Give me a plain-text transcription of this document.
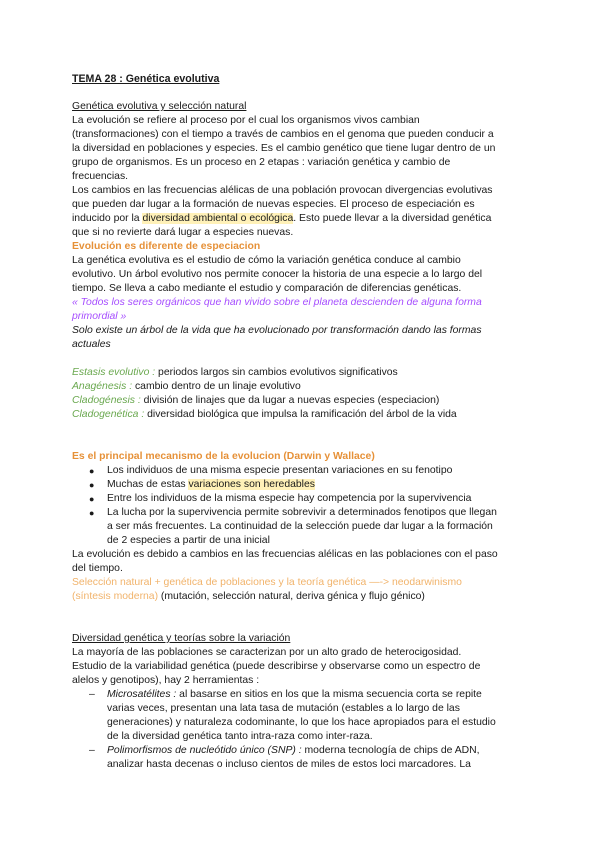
TEMA 28 : Genética evolutiva
Genética evolutiva y selección natural
La evolución se refiere al proceso por el cual los organismos vivos cambian
(transformaciones) con el tiempo a través de cambios en el genoma que pueden conducir a
la diversidad en poblaciones y especies. Es el cambio genético que tiene lugar dentro de un
grupo de organismos. Es un proceso en 2 etapas : variación genética y cambio de
frecuencias.
Los cambios en las frecuencias alélicas de una población provocan divergencias evolutivas
que pueden dar lugar a la formación de nuevas especies. El proceso de especiación es
inducido por la diversidad ambiental o ecológica. Esto puede llevar a la diversidad genética
que si no revierte dará lugar a especies nuevas.
Evolución es diferente de especiacion
La genética evolutiva es el estudio de cómo la variación genética conduce al cambio
evolutivo. Un árbol evolutivo nos permite conocer la historia de una especie a lo largo del
tiempo. Se lleva a cabo mediante el estudio y comparación de diferencias genéticas.
« Todos los seres orgánicos que han vivido sobre el planeta descienden de alguna forma
primordial »
Solo existe un árbol de la vida que ha evolucionado por transformación dando las formas
actuales
Estasis evolutivo : periodos largos sin cambios evolutivos significativos
Anagénesis : cambio dentro de un linaje evolutivo
Cladogénesis : división de linajes que da lugar a nuevas especies (especiacion)
Cladogenética : diversidad biológica que impulsa la ramificación del árbol de la vida
Es el principal mecanismo de la evolucion (Darwin y Wallace)
● Los individuos de una misma especie presentan variaciones en su fenotipo
● Muchas de estas variaciones son heredables
● Entre los individuos de la misma especie hay competencia por la supervivencia
● La lucha por la supervivencia permite sobrevivir a determinados fenotipos que llegan
a ser más frecuentes. La continuidad de la selección puede dar lugar a la formación
de 2 especies a partir de una inicial
La evolución es debido a cambios en las frecuencias alélicas en las poblaciones con el paso
del tiempo.
Selección natural + genética de poblaciones y la teoría genética —-> neodarwinismo
(síntesis moderna) (mutación, selección natural, deriva génica y flujo génico)
Diversidad genética y teorías sobre la variación
La mayoría de las poblaciones se caracterizan por un alto grado de heterocigosidad.
Estudio de la variabilidad genética (puede describirse y observarse como un espectro de
alelos y genotipos), hay 2 herramientas :
– Microsatélites : al basarse en sitios en los que la misma secuencia corta se repite
varias veces, presentan una lata tasa de mutación (estables a lo largo de las
generaciones) y naturaleza codominante, lo que los hace apropiados para el estudio
de la diversidad genética tanto intra-raza como inter-raza.
– Polimorfismos de nucleótido único (SNP) : moderna tecnología de chips de ADN,
analizar hasta decenas o incluso cientos de miles de estos loci marcadores. La
